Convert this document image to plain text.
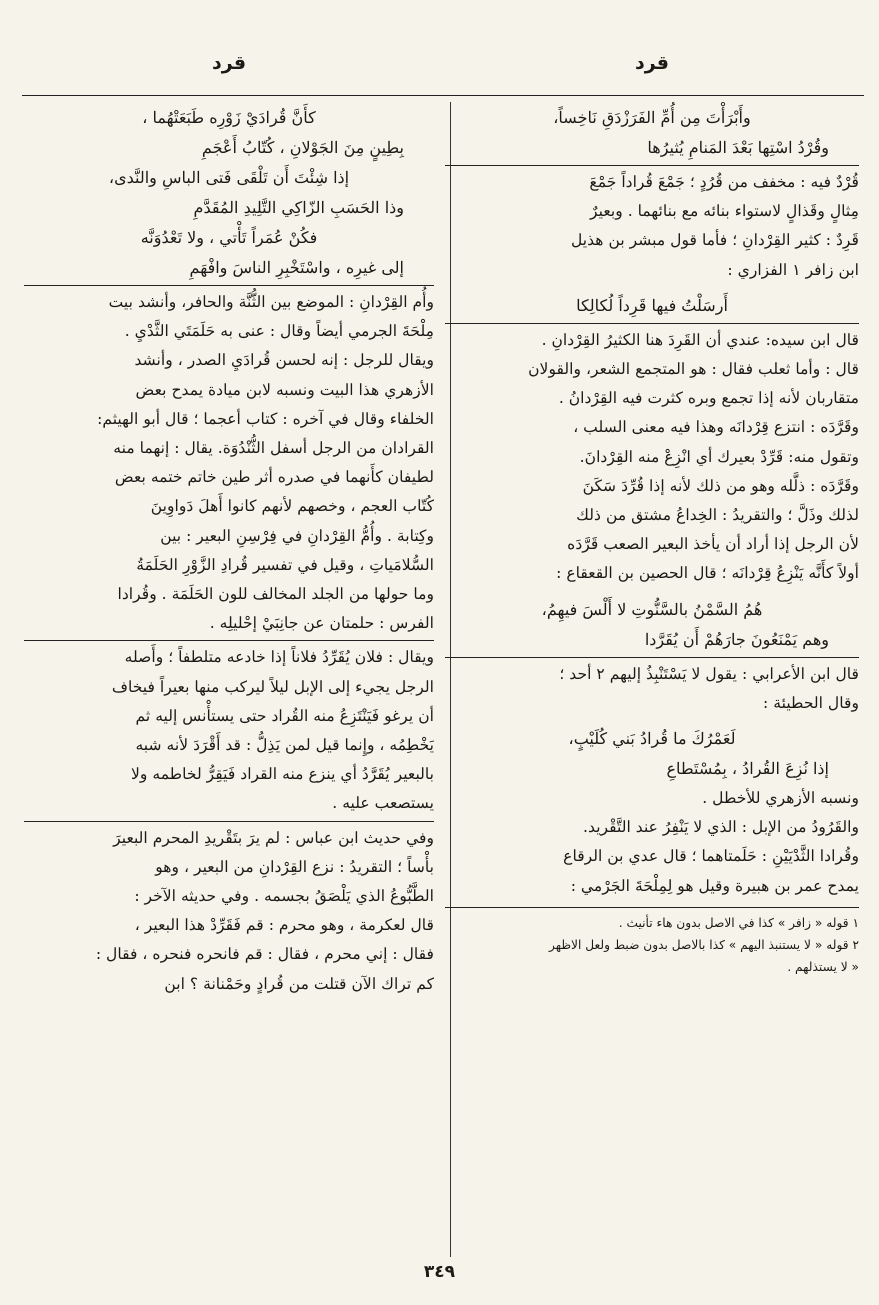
قرد
قرد

وأَبْرَأْتَ مِن أُمِّ الفَرَزْدَقِ نَاخِساً،

وقُرْدُ اسْتِها بَعْدَ المَنامِ يُثيرُها

قُرْدٌ فيه : مخفف من قُرُدٍ ؛ جَمْعَ قُراداً جَمْعَ

مِثالٍ وقَذالٍ لاستواء بنائه مع بنائهما . وبعيرٌ

قَرِدٌ : كثير القِرْدانِ ؛ فأما قول مبشر بن هذيل

ابن زافر ١ الفزاري :

أَرسَلْتُ فيها قَرِداً لُكالِكا

قال ابن سيده: عندي أن القَرِدَ هنا الكثيرُ القِرْدانِ .

قال : وأما ثعلب فقال : هو المتجمع الشعر، والقولان

متقاربان لأنه إذا تجمع وبره كثرت فيه القِرْدانُ .

وقَرَّدَه : انتزع قِرْدانَه وهذا فيه معنى السلب ،

وتقول منه: قَرِّدْ بعيرك أي انْزِعْ منه القِرْدانَ.

وقَرَّدَه : ذلَّله وهو من ذلك لأنه إذا قُرِّدَ سَكَنَ

لذلك وذَلَّ ؛ والتقريدُ : الخِداعُ مشتق من ذلك

لأن الرجل إذا أراد أن يأخذ البعير الصعب قَرَّدَه

أولاً كأَنَّه يَنْزِعُ قِرْدانَه ؛ قال الحصين بن القعقاع :

هُمُ السَّمْنُ بالسَّنُّوتِ لا أَلْسَ فيهِمُ،

وهم يَمْنَعُونَ جارَهُمْ أَن يُقَرَّدا

قال ابن الأعرابي : يقول لا يَسْتَنْبِذُ إليهم ٢ أحد ؛

وقال الحطيئة :

لَعَمْرُكَ ما قُرادُ بَني كُلَيْبٍ،

إذا نُزِعَ القُرادُ ، بِمُسْتَطاعِ

ونسبه الأزهري للأخطل .

والقَرُودُ من الإبل : الذي لا يَنْفِرُ عند التَّقْريد.

وقُرادا الثَّدْيَيْنِ : حَلَمتاهما ؛ قال عدي بن الرقاع

يمدح عمر بن هبيرة وقيل هو لِمِلْحَةَ الجَرْمي :

١ قوله « زافر » كذا في الاصل بدون هاء تأنيث .

٢ قوله « لا يستنبذ اليهم » كذا بالاصل بدون ضبط ولعل الاظهر

« لا يستذلهم .

كأَنَّ قُرادَيْ زَوْرِه طَبَعَتْهُما ،

بِطِينٍ مِنَ الجَوْلانِ ، كُتّابُ أَعْجَمِ

إذا شِئْتَ أَن تَلْقَى فَتى الباسِ والنَّدى،

وذا الحَسَبِ الزّاكِي التَّلِيدِ المُقَدَّمِ

فكُنْ عُمَراً تَأْتي ، ولا تَعْدُوَنَّه

إلى غيرِه ، واسْتَخْبِرِ الناسَ وافْهَمِ

وأُم القِرْدانِ : الموضع بين الثُّنَّة والحافر، وأنشد بيت

مِلْحَةَ الجرمي أيضاً وقال : عنى به حَلَمَتَي الثَّدْيِ .

ويقال للرجل : إنه لحسن قُرادَيِ الصدر ، وأنشد

الأزهري هذا البيت ونسبه لابن ميادة يمدح بعض

الخلفاء وقال في آخره : كتاب أعجما ؛ قال أبو الهيثم:

القرادان من الرجل أسفل الثُّنْدُوَة. يقال : إنهما منه

لطيفان كأَنهما في صدره أثر طين خاتم ختمه بعض

كُتّاب العجم ، وخصهم لأنهم كانوا أَهلَ دَواوِينَ

وكِتابة . وأُمُّ القِرْدانِ في فِرْسِنِ البعير : بين

السُّلامَياتِ ، وقيل في تفسير قُرادِ الزَّوْرِ الحَلَمَةُ

وما حولها من الجلد المخالف للون الحَلَمَة . وقُرادا

الفرس : حلمتان عن جانِبَيْ إحْليلِه .

ويقال : فلان يُقَرِّدُ فلاناً إذا خادعه متلطفاً ؛ وأَصله

الرجل يجيء إلى الإبل ليلاً ليركب منها بعيراً فيخاف

أن يرغو فَيَنْتَزِعُ منه القُراد حتى يستأْنس إليه ثم

يَخْطِمُه ، وإِنما قيل لمن يَذِلُّ : قد أَقْرَدَ لأنه شبه

بالبعير يُقَرَّدُ أي ينزع منه القراد فَيَقِرُّ لخاطمه ولا

يستصعب عليه .

وفي حديث ابن عباس : لم يرَ بتَقْريدِ المحرم البعيرَ

بأْساً ؛ التقريدُ : نزع القِرْدانِ من البعير ، وهو

الطَّبُّوعُ الذي يَلْصَقُ بجسمه . وفي حديثه الآخر :

قال لعكرمة ، وهو محرم : قم فَقَرِّدْ هذا البعير ،

فقال : إني محرم ، فقال : قم فانحره فنحره ، فقال :

كم تراك الآن قتلت من قُرادٍ وحَمْنانة ؟ ابن

٣٤٩
